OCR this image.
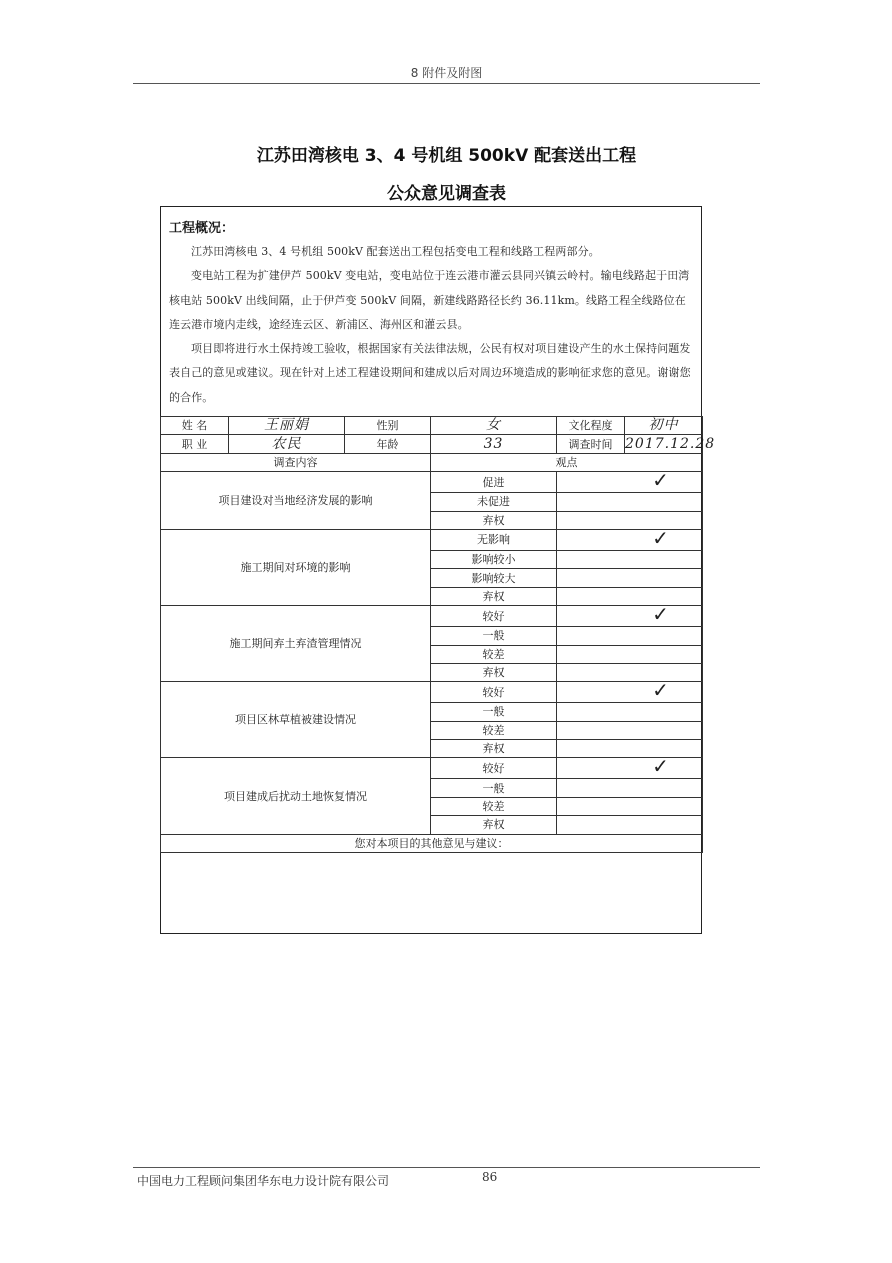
8 附件及附图
江苏田湾核电 3、4 号机组 500kV 配套送出工程
公众意见调查表
工程概况：

江苏田湾核电 3、4 号机组 500kV 配套送出工程包括变电工程和线路工程两部分。

变电站工程为扩建伊芦 500kV 变电站，变电站位于连云港市灌云县同兴镇云岭村。输电线路起于田湾核电站 500kV 出线间隔，止于伊芦变 500kV 间隔，新建线路路径长约 36.11km。线路工程全线路位在连云港市境内走线，途经连云区、新浦区、海州区和灌云县。

项目即将进行水土保持竣工验收，根据国家有关法律法规，公民有权对项目建设产生的水土保持问题发表自己的意见或建议。现在针对上述工程建设期间和建成以后对周边环境造成的影响征求您的意见。谢谢您的合作。

姓 名	王丽娟	性别	女	文化程度	初中
职 业	农民	年龄	33	调查时间	2017.12.28
调查内容			观点		
项目建设对当地经济发展的影响			促进	✓	
			未促进		
			弃权		
施工期间对环境的影响			无影响	✓	
			影响较小		
			影响较大		
			弃权		
施工期间弃土弃渣管理情况			较好	✓	
			一般		
			较差		
			弃权		
项目区林草植被建设情况			较好	✓	
			一般		
			较差		
			弃权		
项目建成后扰动土地恢复情况			较好	✓	
			一般		
			较差		
			弃权		
您对本项目的其他意见与建议：					
中国电力工程顾问集团华东电力设计院有限公司	86
